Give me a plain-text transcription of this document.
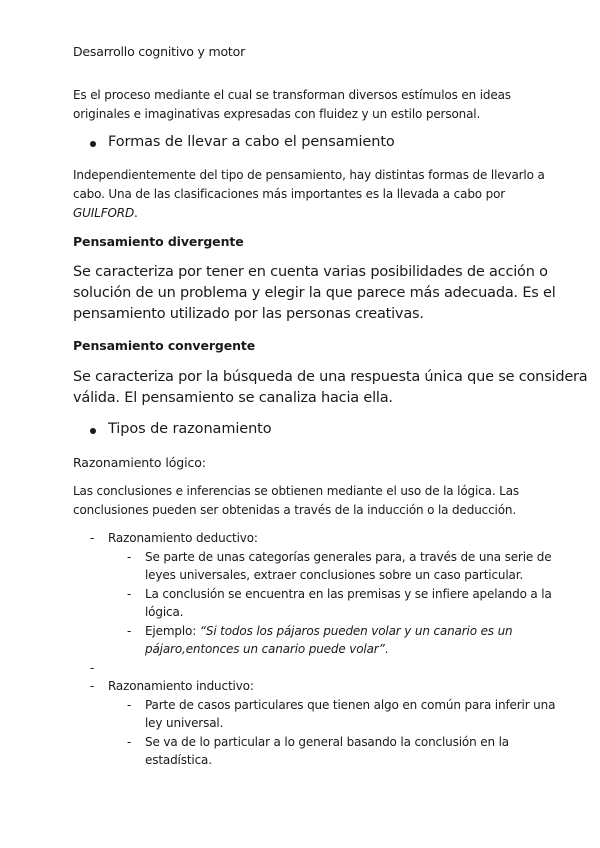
Desarrollo cognitivo y motor

Es el proceso mediante el cual se transforman diversos estímulos en ideas
originales e imaginativas expresadas con fluidez y un estilo personal.
Formas de llevar a cabo el pensamiento
Independientemente del tipo de pensamiento, hay distintas formas de llevarlo a
cabo. Una de las clasificaciones más importantes es la llevada a cabo por
GUILFORD.

Pensamiento divergente

Se caracteriza por tener en cuenta varias posibilidades de acción o
solución de un problema y elegir la que parece más adecuada. Es el
pensamiento utilizado por las personas creativas.

Pensamiento convergente

Se caracteriza por la búsqueda de una respuesta única que se considera
válida. El pensamiento se canaliza hacia ella.
Tipos de razonamiento

Razonamiento lógico:

Las conclusiones e inferencias se obtienen mediante el uso de la lógica. Las
conclusiones pueden ser obtenidas a través de la inducción o la deducción.
- Razonamiento deductivo:
- Se parte de unas categorías generales para, a través de una serie de
leyes universales, extraer conclusiones sobre un caso particular.
- La conclusión se encuentra en las premisas y se infiere apelando a la
lógica.
- Ejemplo: “Si todos los pájaros pueden volar y un canario es un
pájaro,entonces un canario puede volar”.
-
- Razonamiento inductivo:
- Parte de casos particulares que tienen algo en común para inferir una
ley universal.
- Se va de lo particular a lo general basando la conclusión en la
estadística.
